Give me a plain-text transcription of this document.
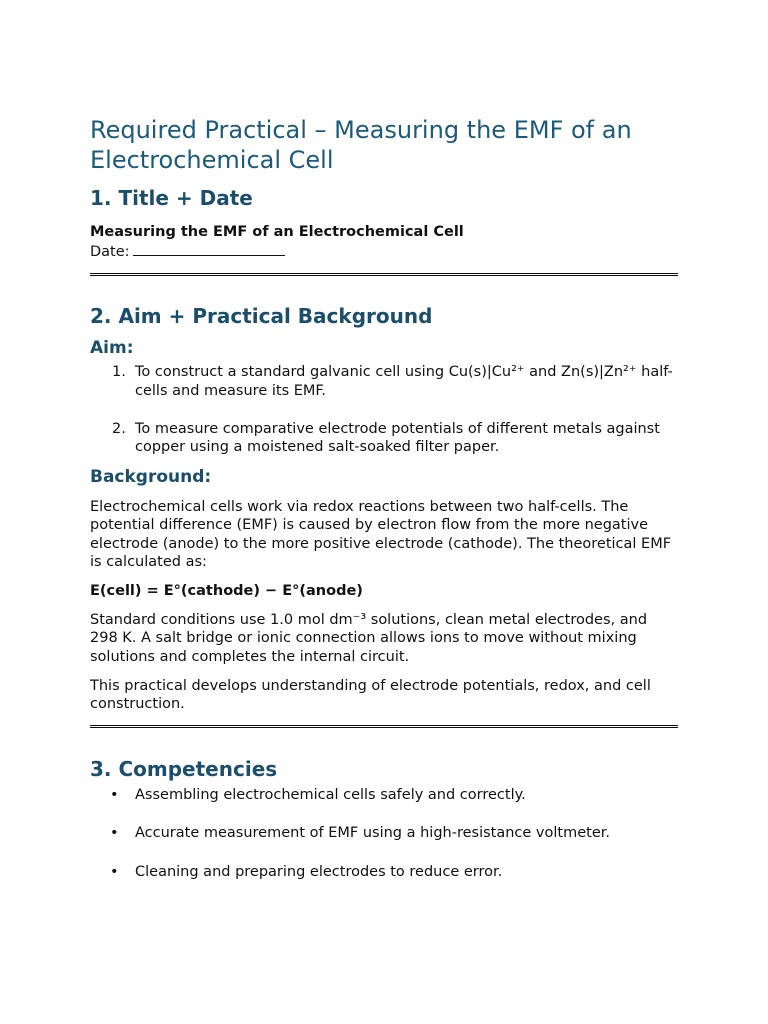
Required Practical – Measuring the EMF of an Electrochemical Cell
1. Title + Date

Measuring the EMF of an Electrochemical Cell

Date:

2. Aim + Practical Background
Aim:
1. To construct a standard galvanic cell using Cu(s)|Cu²⁺ and Zn(s)|Zn²⁺ half-cells and measure its EMF.
2. To measure comparative electrode potentials of different metals against copper using a moistened salt-soaked filter paper.
Background:

Electrochemical cells work via redox reactions between two half-cells. The potential difference (EMF) is caused by electron flow from the more negative electrode (anode) to the more positive electrode (cathode). The theoretical EMF is calculated as:

E(cell) = E°(cathode) − E°(anode)

Standard conditions use 1.0 mol dm⁻³ solutions, clean metal electrodes, and 298 K. A salt bridge or ionic connection allows ions to move without mixing solutions and completes the internal circuit.

This practical develops understanding of electrode potentials, redox, and cell construction.

3. Competencies
• Assembling electrochemical cells safely and correctly.
• Accurate measurement of EMF using a high-resistance voltmeter.
• Cleaning and preparing electrodes to reduce error.
